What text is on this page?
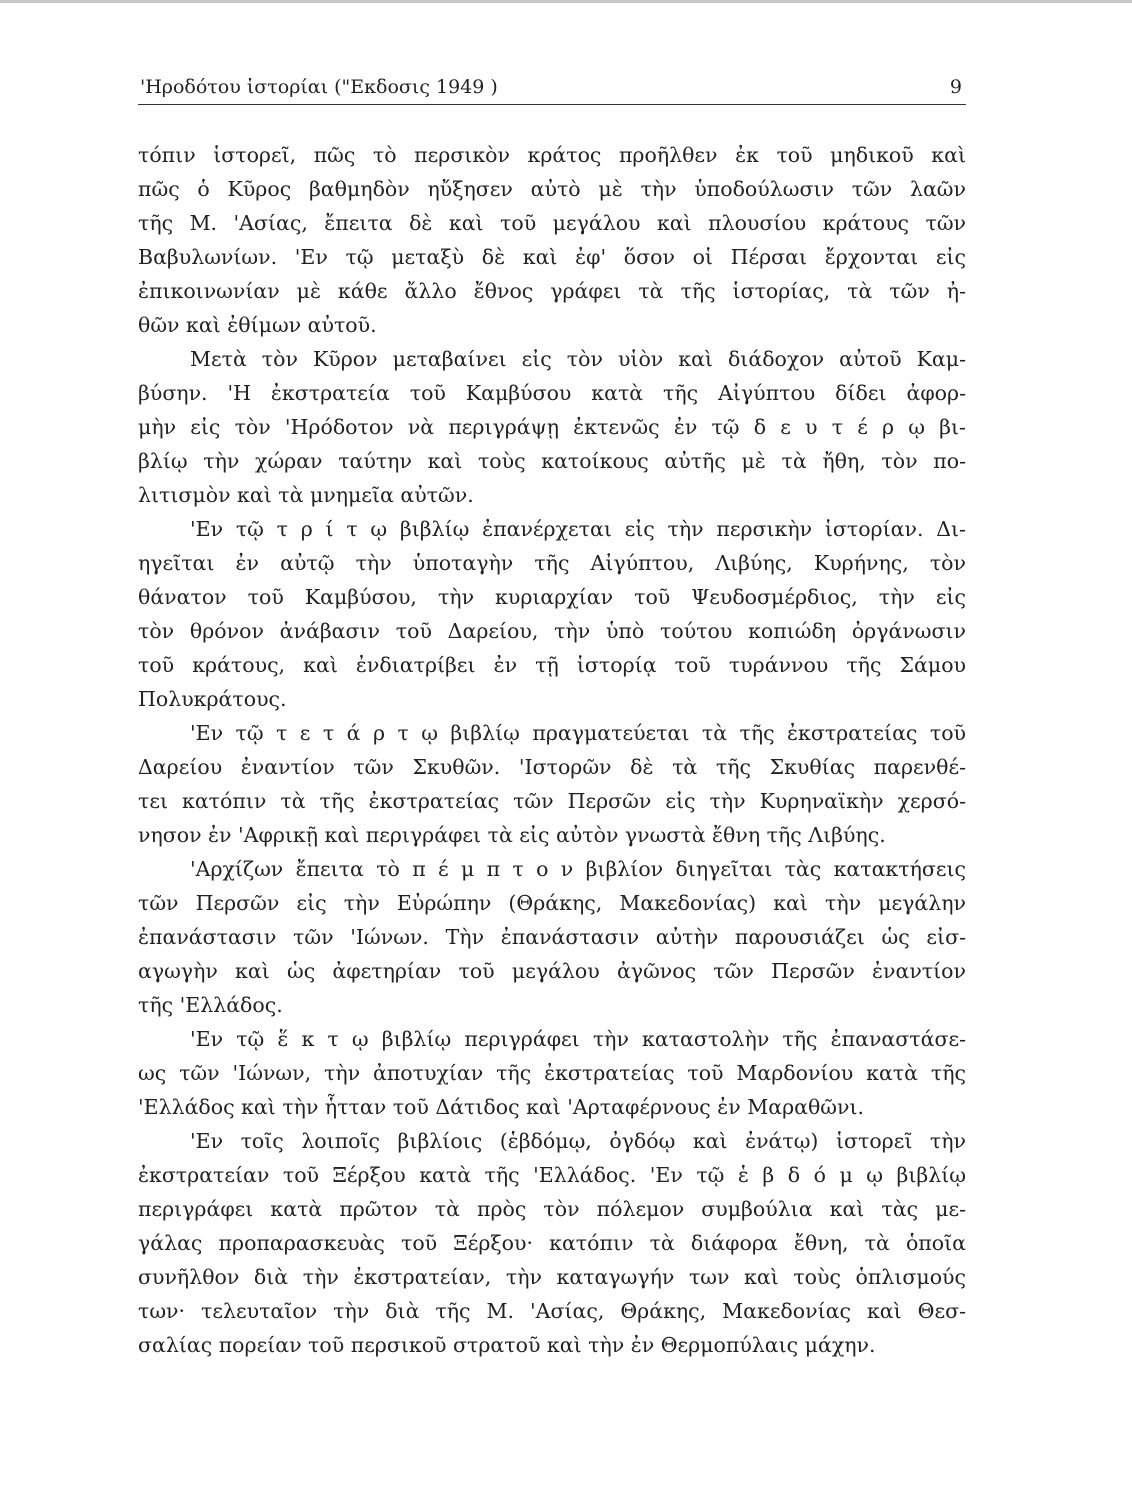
'Ηροδότου ἱστορίαι ("Εκδοσις 1949 )	9
τόπιν ἱστορεῖ, πῶς τὸ περσικὸν κράτος προῆλθεν ἐκ τοῦ μηδικοῦ καὶ
πῶς ὁ Κῦρος βαθμηδὸν ηὔξησεν αὐτὸ μὲ τὴν ὑποδούλωσιν τῶν λαῶν
τῆς Μ. 'Ασίας, ἔπειτα δὲ καὶ τοῦ μεγάλου καὶ πλουσίου κράτους τῶν
Βαβυλωνίων. 'Εν τῷ μεταξὺ δὲ καὶ ἐφ' ὅσον οἱ Πέρσαι ἔρχονται εἰς
ἐπικοινωνίαν μὲ κάθε ἄλλο ἔθνος γράφει τὰ τῆς ἱστορίας, τὰ τῶν ἠ-
θῶν καὶ ἐθίμων αὐτοῦ.
Μετὰ τὸν Κῦρον μεταβαίνει εἰς τὸν υἱὸν καὶ διάδοχον αὐτοῦ Καμ-
βύσην. 'Η ἐκστρατεία τοῦ Καμβύσου κατὰ τῆς Αἰγύπτου δίδει ἀφορ-
μὴν εἰς τὸν 'Ηρόδοτον νὰ περιγράψῃ ἐκτενῶς ἐν τῷ δ ε υ τ έ ρ ῳ βι-
βλίῳ τὴν χώραν ταύτην καὶ τοὺς κατοίκους αὐτῆς μὲ τὰ ἤθη, τὸν πο-
λιτισμὸν καὶ τὰ μνημεῖα αὐτῶν.
'Εν τῷ τ ρ ί τ ῳ βιβλίῳ ἐπανέρχεται εἰς τὴν περσικὴν ἱστορίαν. Δι-
ηγεῖται ἐν αὐτῷ τὴν ὑποταγὴν τῆς Αἰγύπτου, Λιβύης, Κυρήνης, τὸν
θάνατον τοῦ Καμβύσου, τὴν κυριαρχίαν τοῦ Ψευδοσμέρδιος, τὴν εἰς
τὸν θρόνον ἀνάβασιν τοῦ Δαρείου, τὴν ὑπὸ τούτου κοπιώδη ὀργάνωσιν
τοῦ κράτους, καὶ ἐνδιατρίβει ἐν τῇ ἱστορίᾳ τοῦ τυράννου τῆς Σάμου
Πολυκράτους.
'Εν τῷ τ ε τ ά ρ τ ῳ βιβλίῳ πραγματεύεται τὰ τῆς ἐκστρατείας τοῦ
Δαρείου ἐναντίον τῶν Σκυθῶν. 'Ιστορῶν δὲ τὰ τῆς Σκυθίας παρενθέ-
τει κατόπιν τὰ τῆς ἐκστρατείας τῶν Περσῶν εἰς τὴν Κυρηναϊκὴν χερσό-
νησον ἐν 'Αφρικῇ καὶ περιγράφει τὰ εἰς αὐτὸν γνωστὰ ἔθνη τῆς Λιβύης.
'Αρχίζων ἔπειτα τὸ π έ μ π τ ο ν βιβλίον διηγεῖται τὰς κατακτήσεις
τῶν Περσῶν εἰς τὴν Εὐρώπην (Θράκης, Μακεδονίας) καὶ τὴν μεγάλην
ἐπανάστασιν τῶν 'Ιώνων. Τὴν ἐπανάστασιν αὐτὴν παρουσιάζει ὡς εἰσ-
αγωγὴν καὶ ὡς ἀφετηρίαν τοῦ μεγάλου ἀγῶνος τῶν Περσῶν ἐναντίον
τῆς 'Ελλάδος.
'Εν τῷ ἕ κ τ ῳ βιβλίῳ περιγράφει τὴν καταστολὴν τῆς ἐπαναστάσε-
ως τῶν 'Ιώνων, τὴν ἀποτυχίαν τῆς ἐκστρατείας τοῦ Μαρδονίου κατὰ τῆς
'Ελλάδος καὶ τὴν ἧτταν τοῦ Δάτιδος καὶ 'Αρταφέρνους ἐν Μαραθῶνι.
'Εν τοῖς λοιποῖς βιβλίοις (ἑβδόμῳ, ὀγδόῳ καὶ ἐνάτῳ) ἱστορεῖ τὴν
ἐκστρατείαν τοῦ Ξέρξου κατὰ τῆς 'Ελλάδος. 'Εν τῷ ἑ β δ ό μ ῳ βιβλίῳ
περιγράφει κατὰ πρῶτον τὰ πρὸς τὸν πόλεμον συμβούλια καὶ τὰς με-
γάλας προπαρασκευὰς τοῦ Ξέρξου· κατόπιν τὰ διάφορα ἔθνη, τὰ ὁποῖα
συνῆλθον διὰ τὴν ἐκστρατείαν, τὴν καταγωγήν των καὶ τοὺς ὁπλισμούς
των· τελευταῖον τὴν διὰ τῆς Μ. 'Ασίας, Θράκης, Μακεδονίας καὶ Θεσ-
σαλίας πορείαν τοῦ περσικοῦ στρατοῦ καὶ τὴν ἐν Θερμοπύλαις μάχην.
